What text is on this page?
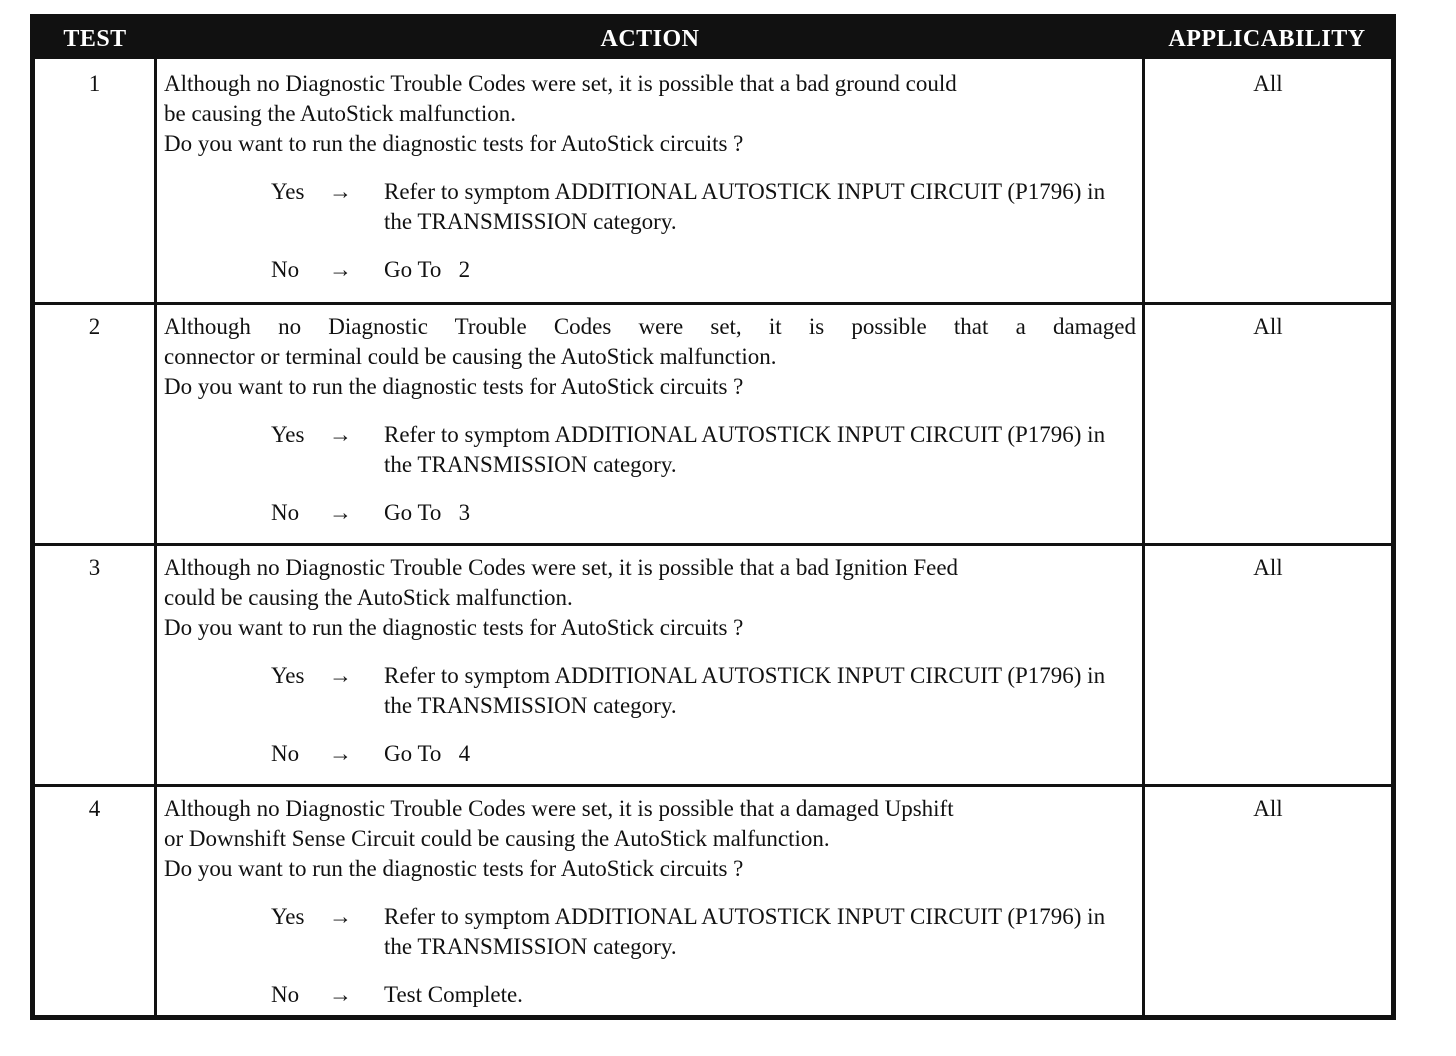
TEST	ACTION	APPLICABILITY
1	Although no Diagnostic Trouble Codes were set, it is possible that a bad ground could
be causing the AutoStick malfunction.
Do you want to run the diagnostic tests for AutoStick circuits ?
Yes	→	Refer to symptom ADDITIONAL AUTOSTICK INPUT CIRCUIT (P1796) in the TRANSMISSION category.
No	→	Go To   2
All
2	Although no Diagnostic Trouble Codes were set, it is possible that a damaged
connector or terminal could be causing the AutoStick malfunction.
Do you want to run the diagnostic tests for AutoStick circuits ?
Yes	→	Refer to symptom ADDITIONAL AUTOSTICK INPUT CIRCUIT (P1796) in the TRANSMISSION category.
No	→	Go To   3
All
3	Although no Diagnostic Trouble Codes were set, it is possible that a bad Ignition Feed
could be causing the AutoStick malfunction.
Do you want to run the diagnostic tests for AutoStick circuits ?
Yes	→	Refer to symptom ADDITIONAL AUTOSTICK INPUT CIRCUIT (P1796) in the TRANSMISSION category.
No	→	Go To   4
All
4	Although no Diagnostic Trouble Codes were set, it is possible that a damaged Upshift
or Downshift Sense Circuit could be causing the AutoStick malfunction.
Do you want to run the diagnostic tests for AutoStick circuits ?
Yes	→	Refer to symptom ADDITIONAL AUTOSTICK INPUT CIRCUIT (P1796) in the TRANSMISSION category.
No	→	Test Complete.
All
